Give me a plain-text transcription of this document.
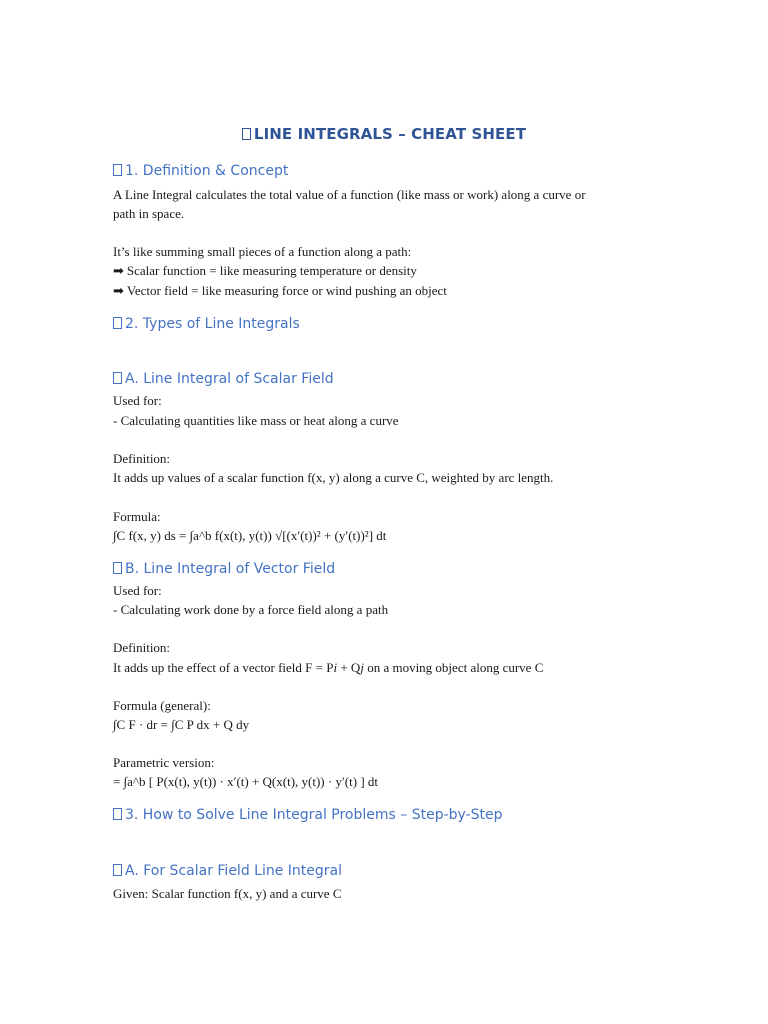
LINE INTEGRALS – CHEAT SHEET
1. Definition & Concept
A Line Integral calculates the total value of a function (like mass or work) along a curve or
path in space.
It’s like summing small pieces of a function along a path:
➡ Scalar function = like measuring temperature or density
➡ Vector field = like measuring force or wind pushing an object
2. Types of Line Integrals
A. Line Integral of Scalar Field
Used for:
- Calculating quantities like mass or heat along a curve
Definition:
It adds up values of a scalar function f(x, y) along a curve C, weighted by arc length.
Formula:
∫C f(x, y) ds = ∫a^b f(x(t), y(t)) √[(x′(t))² + (y′(t))²] dt
B. Line Integral of Vector Field
Used for:
- Calculating work done by a force field along a path
Definition:
It adds up the effect of a vector field F = Pi + Qj on a moving object along curve C
Formula (general):
∫C F · dr = ∫C P dx + Q dy
Parametric version:
= ∫a^b [ P(x(t), y(t)) · x′(t) + Q(x(t), y(t)) · y′(t) ] dt
3. How to Solve Line Integral Problems – Step-by-Step
A. For Scalar Field Line Integral
Given: Scalar function f(x, y) and a curve C
